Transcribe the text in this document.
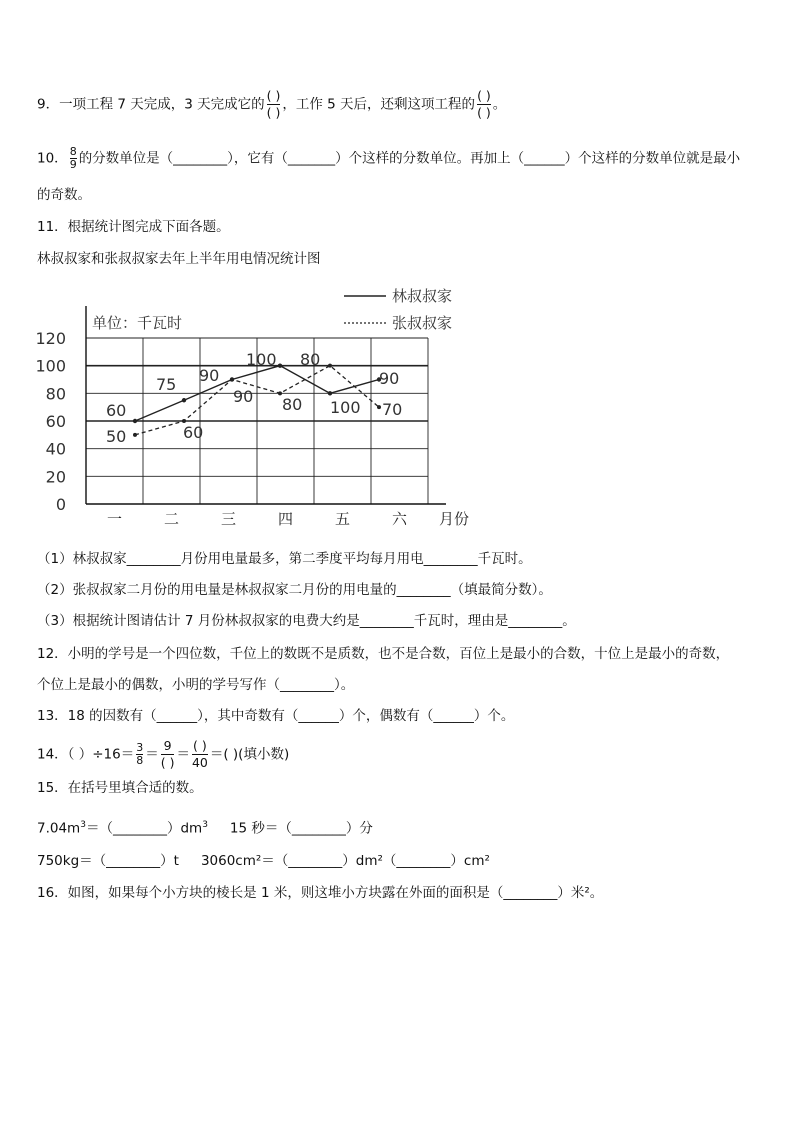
9．一项工程 7 天完成，3 天完成它的 $\frac{( )}{( )}$ ，工作 5 天后，还剩这项工程的 $\frac{( )}{( )}$ 。
10． $\frac{8}{9}$ 的分数单位是（________），它有（_______）个这样的分数单位。再加上（______）个这样的分数单位就是最小
的奇数。
11．根据统计图完成下面各题。
林叔叔家和张叔叔家去年上半年用电情况统计图
0
20
40
60
80
100
120
单位：千瓦时
一	二	三	四	五	六 月份
林叔叔家
张叔叔家
60
75 90
100 80
90
50	60
90 80 100 70
（1）林叔叔家________月份用电量最多，第二季度平均每月用电________千瓦时。
（2）张叔叔家二月份的用电量是林叔叔家二月份的用电量的________（填最简分数）。
（3）根据统计图请估计 7 月份林叔叔家的电费大约是________千瓦时，理由是________。
12．小明的学号是一个四位数，千位上的数既不是质数，也不是合数，百位上是最小的合数，十位上是最小的奇数，
个位上是最小的偶数，小明的学号写作（________）。
13．18 的因数有（______），其中奇数有（______）个，偶数有（______）个。
14．（ ）$\div 16= \frac{3}{8} = \frac{9}{( )} = \frac{( )}{40}$ ＝( )(填小数)
15．在括号里填合适的数。
$7.04m^3=(\_\_\_\_\_\_\_\_)dm^3$ 15 秒＝（________）分
750kg＝（________）t 3060cm²＝（________）dm²（________）cm²
16．如图，如果每个小方块的棱长是 1 米，则这堆小方块露在外面的面积是（________）米²。
